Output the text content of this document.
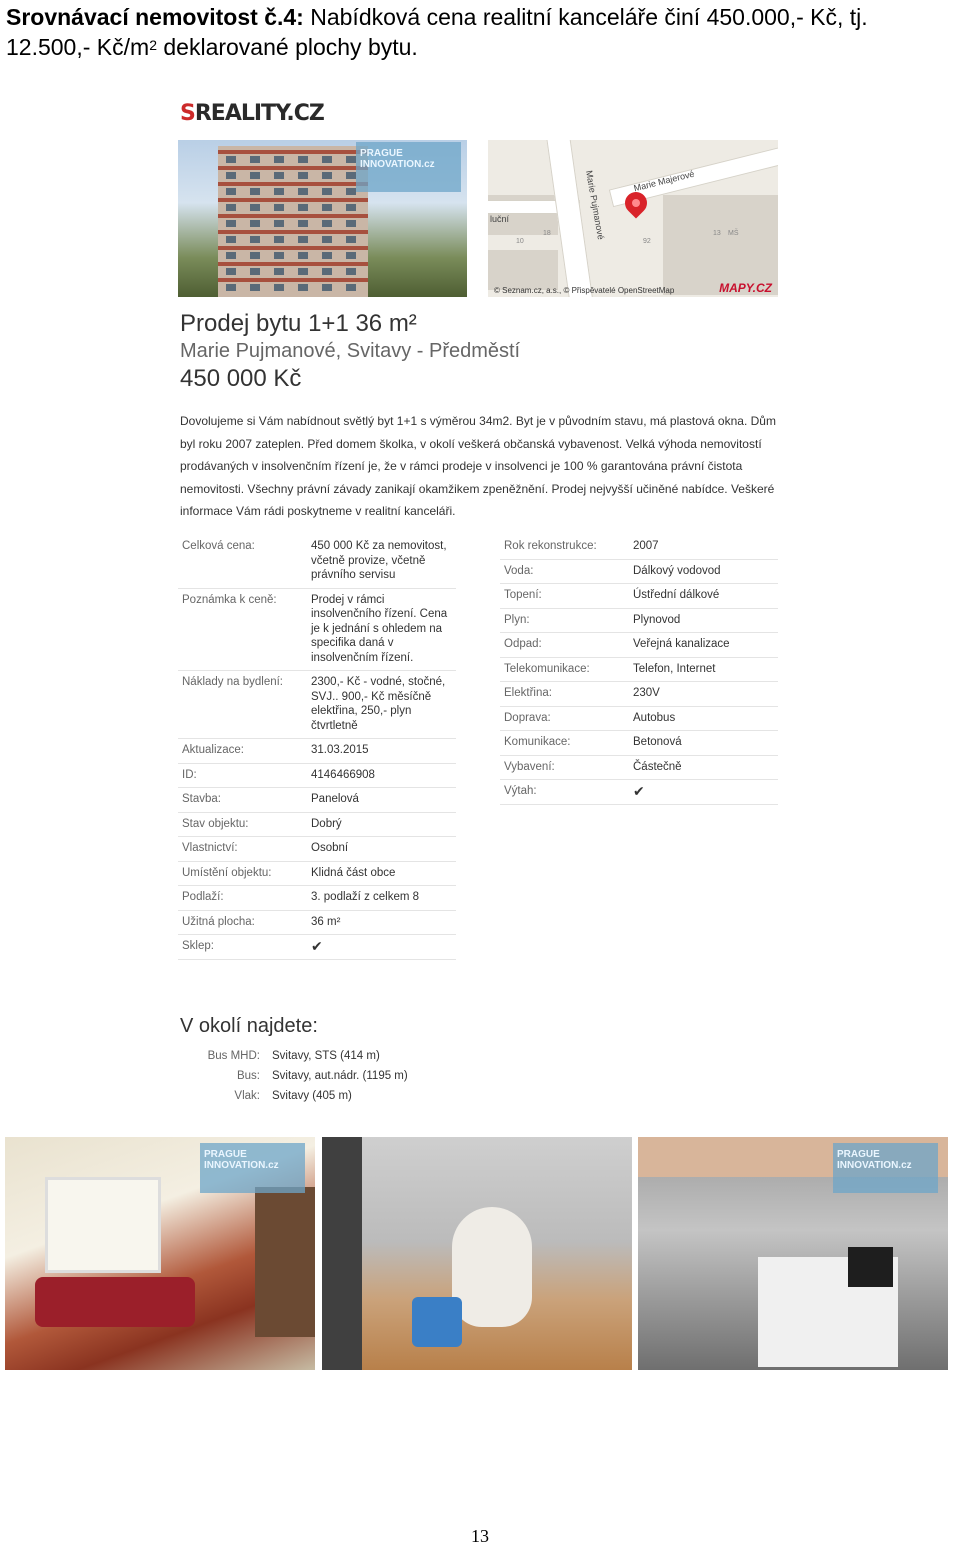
Srovnávací nemovitost č.4: Nabídková cena realitní kanceláře činí 450.000,- Kč, tj. 12.500,- $Kč/m^2$ deklarované plochy bytu.
SREALITY.CZ
PRAGUE
INNOVATION.cz
Marie Pujmanové	Marie Majerové
luční
10
18
92
13 MŠ
© Seznam.cz, a.s., © Přispěvatelé OpenStreetMap	MAPY.CZ
Prodej bytu 1+1 36 m²
Marie Pujmanové, Svitavy - Předměstí
450 000 Kč
Dovolujeme si Vám nabídnout světlý byt 1+1 s výměrou 34m2. Byt je v původním stavu, má plastová okna. Dům byl roku 2007 zateplen. Před domem školka, v okolí veškerá občanská vybavenost. Velká výhoda nemovitostí prodávaných v insolvenčním řízení je, že v rámci prodeje v insolvenci je 100 % garantována právní čistota nemovitosti. Všechny právní závady zanikají okamžikem zpeněžnění. Prodej nejvyšší učiněné nabídce. Veškeré informace Vám rádi poskytneme v realitní kanceláři.
Celková cena:	450 000 Kč za nemovitost, včetně provize, včetně právního servisu
Poznámka k ceně:	Prodej v rámci insolvenčního řízení. Cena je k jednání s ohledem na specifika daná v insolvenčním řízení.
Náklady na bydlení:	2300,- Kč - vodné, stočné, SVJ.. 900,- Kč měsíčně elektřina, 250,- plyn čtvrtletně
Aktualizace:	31.03.2015
ID:	4146466908
Stavba:	Panelová
Stav objektu:	Dobrý
Vlastnictví:	Osobní
Umístění objektu:	Klidná část obce
Podlaží:	3. podlaží z celkem 8
Užitná plocha:	36 m²
Sklep:	✔
Rok rekonstrukce:	2007
Voda:	Dálkový vodovod
Topení:	Ústřední dálkové
Plyn:	Plynovod
Odpad:	Veřejná kanalizace
Telekomunikace:	Telefon, Internet
Elektřina:	230V
Doprava:	Autobus
Komunikace:	Betonová
Vybavení:	Částečně
Výtah:	✔
V okolí najdete:
Bus MHD:	Svitavy, STS (414 m)
Bus:	Svitavy, aut.nádr. (1195 m)
Vlak:	Svitavy (405 m)
PRAGUE INNOVATION.cz
PRAGUE INNOVATION.cz
13
